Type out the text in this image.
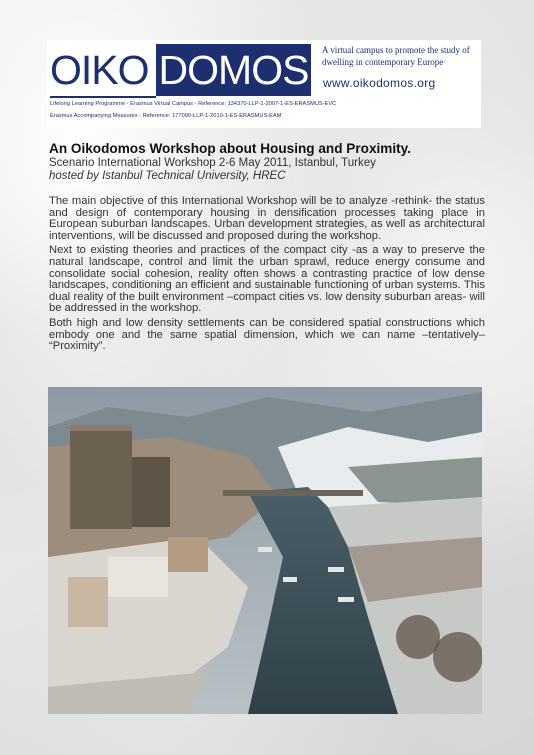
OIKO DOMOS A virtual campus to promote the study of dwelling in contemporary Europe
www.oikodomos.org
Lifelong Learning Programme - Erasmus Virtual Campus - Reference: 134370-LLP-1-2007-1-ES-ERASMUS-EVC
Erasmus Accompanying Measures - Reference: 177090-LLP-1-2010-1-ES-ERASMUS-EAM
An Oikodomos Workshop about Housing and Proximity.
Scenario International Workshop 2-6 May 2011, Istanbul, Turkey
hosted by Istanbul Technical University, HREC

The main objective of this International Workshop will be to analyze -rethink- the status and design of contemporary housing in densification processes taking place in European suburban landscapes. Urban development strategies, as well as architectural interventions, will be discussed and proposed during the workshop.

Next to existing theories and practices of the compact city -as a way to preserve the natural landscape, control and limit the urban sprawl, reduce energy consume and consolidate social cohesion, reality often shows a contrasting practice of low dense landscapes, conditioning an efficient and sustainable functioning of urban systems. This dual reality of the built environment –compact cities vs. low density suburban areas- will be addressed in the workshop.

Both high and low density settlements can be considered spatial constructions which embody one and the same spatial dimension, which we can name –tentatively– “Proximity”.
